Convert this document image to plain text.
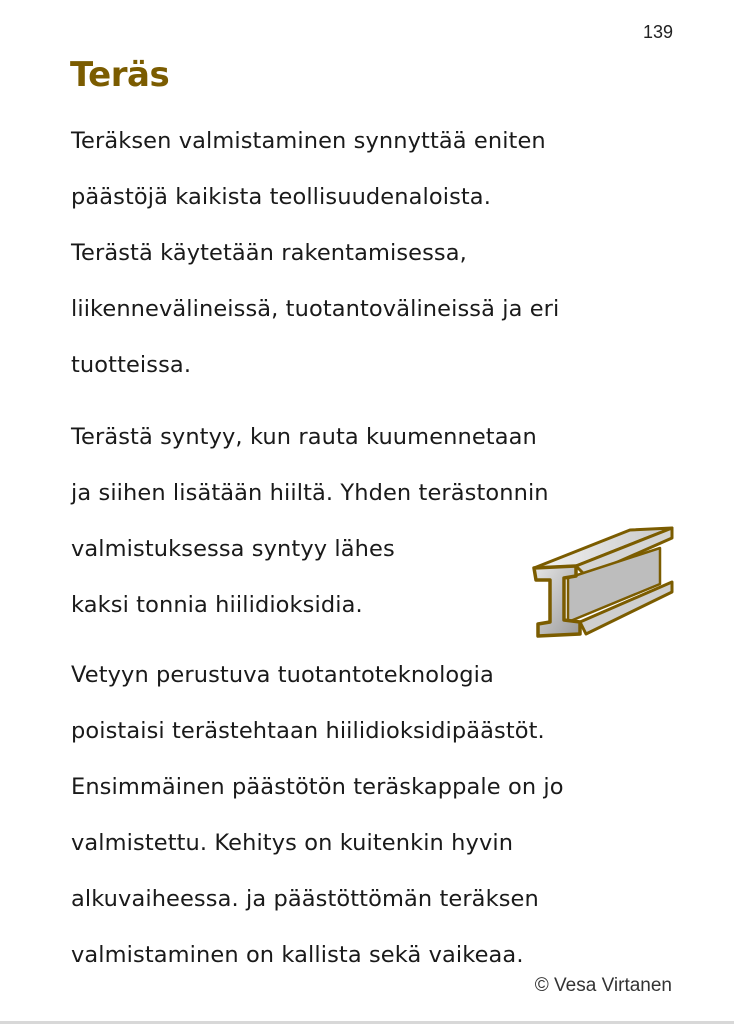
139
Teräs

Teräksen valmistaminen synnyttää eniten
päästöjä kaikista teollisuudenaloista.
Terästä käytetään rakentamisessa,
liikennevälineissä, tuotantovälineissä ja eri
tuotteissa.

Terästä syntyy, kun rauta kuumennetaan
ja siihen lisätään hiiltä. Yhden terästonnin
valmistuksessa syntyy lähes
kaksi tonnia hiilidioksidia.

Vetyyn perustuva tuotantoteknologia
poistaisi terästehtaan hiilidioksidipäästöt.
Ensimmäinen päästötön teräskappale on jo
valmistettu. Kehitys on kuitenkin hyvin
alkuvaiheessa. ja päästöttömän teräksen
valmistaminen on kallista sekä vaikeaa.

© Vesa Virtanen
